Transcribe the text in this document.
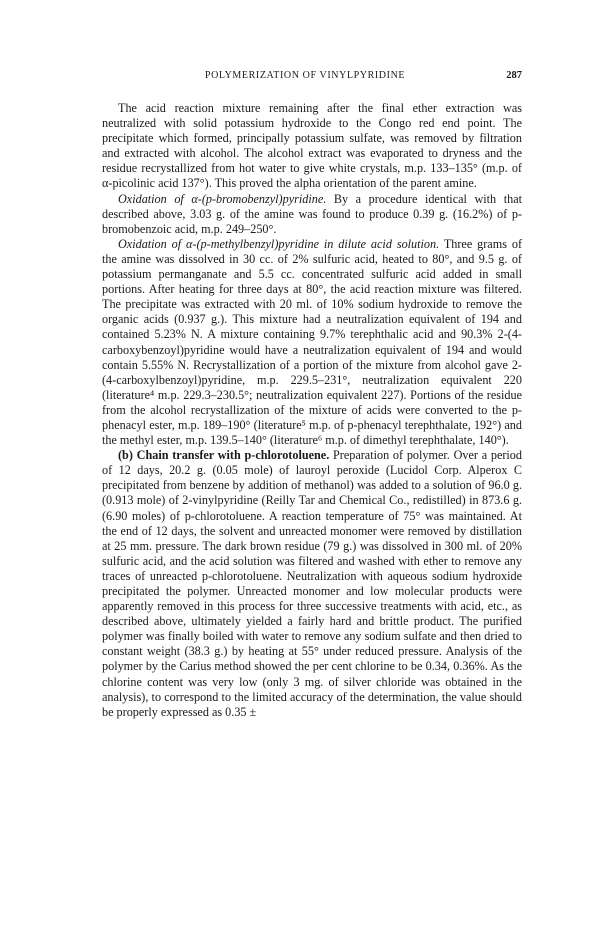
POLYMERIZATION OF VINYLPYRIDINE	287

The acid reaction mixture remaining after the final ether extraction was neutralized with solid potassium hydroxide to the Congo red end point. The precipitate which formed, principally potassium sulfate, was removed by filtration and extracted with alcohol. The alcohol extract was evaporated to dryness and the residue recrystallized from hot water to give white crystals, m.p. 133–135° (m.p. of α-picolinic acid 137°). This proved the alpha orientation of the parent amine.

Oxidation of α-(p-bromobenzyl)pyridine. By a procedure identical with that described above, 3.03 g. of the amine was found to produce 0.39 g. (16.2%) of p-bromobenzoic acid, m.p. 249–250°.

Oxidation of α-(p-methylbenzyl)pyridine in dilute acid solution. Three grams of the amine was dissolved in 30 cc. of 2% sulfuric acid, heated to 80°, and 9.5 g. of potassium permanganate and 5.5 cc. concentrated sulfuric acid added in small portions. After heating for three days at 80°, the acid reaction mixture was filtered. The precipitate was extracted with 20 ml. of 10% sodium hydroxide to remove the organic acids (0.937 g.). This mixture had a neutralization equivalent of 194 and contained 5.23% N. A mixture containing 9.7% terephthalic acid and 90.3% 2-(4-carboxybenzoyl)pyridine would have a neutralization equivalent of 194 and would contain 5.55% N. Recrystallization of a portion of the mixture from alcohol gave 2-(4-carboxylbenzoyl)pyridine, m.p. 229.5–231°, neutralization equivalent 220 (literature⁴ m.p. 229.3–230.5°; neutralization equivalent 227). Portions of the residue from the alcohol recrystallization of the mixture of acids were converted to the p-phenacyl ester, m.p. 189–190° (literature⁵ m.p. of p-phenacyl terephthalate, 192°) and the methyl ester, m.p. 139.5–140° (literature⁶ m.p. of dimethyl terephthalate, 140°).

(b) Chain transfer with p-chlorotoluene. Preparation of polymer. Over a period of 12 days, 20.2 g. (0.05 mole) of lauroyl peroxide (Lucidol Corp. Alperox C precipitated from benzene by addition of methanol) was added to a solution of 96.0 g. (0.913 mole) of 2-vinylpyridine (Reilly Tar and Chemical Co., redistilled) in 873.6 g. (6.90 moles) of p-chlorotoluene. A reaction temperature of 75° was maintained. At the end of 12 days, the solvent and unreacted monomer were removed by distillation at 25 mm. pressure. The dark brown residue (79 g.) was dissolved in 300 ml. of 20% sulfuric acid, and the acid solution was filtered and washed with ether to remove any traces of unreacted p-chlorotoluene. Neutralization with aqueous sodium hydroxide precipitated the polymer. Unreacted monomer and low molecular products were apparently removed in this process for three successive treatments with acid, etc., as described above, ultimately yielded a fairly hard and brittle product. The purified polymer was finally boiled with water to remove any sodium sulfate and then dried to constant weight (38.3 g.) by heating at 55° under reduced pressure. Analysis of the polymer by the Carius method showed the per cent chlorine to be 0.34, 0.36%. As the chlorine content was very low (only 3 mg. of silver chloride was obtained in the analysis), to correspond to the limited accuracy of the determination, the value should be properly expressed as 0.35 ±
